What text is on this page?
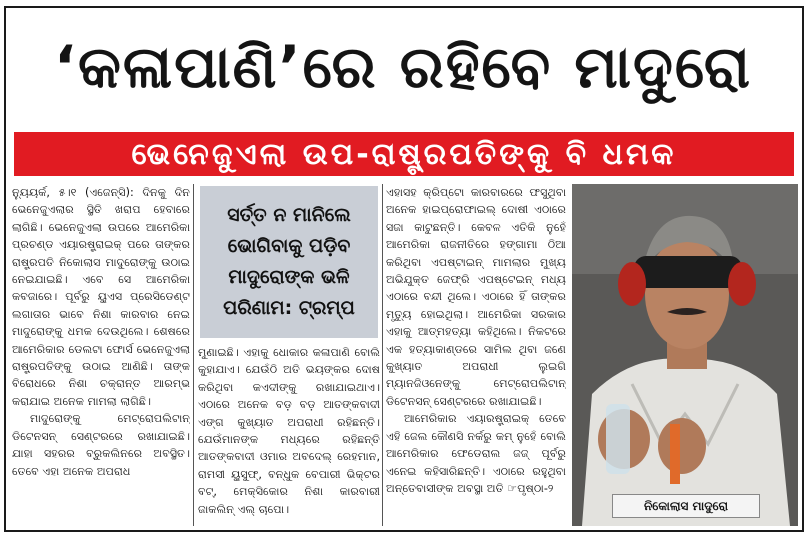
‘କଳାପାଣି’ରେ ରହିବେ ମାଦୁରୋ
ଭେନେଜୁଏଲା ଉପ-ରାଷ୍ଟ୍ରପତିଙ୍କୁ ବି ଧମକ

ନ୍ୟୁୟର୍କ, ୫।୧ (ଏଜେନ୍ସି): ଦିନକୁ ଦିନ ଭେନେଜୁଏଲାର ସ୍ଥିତି ଖରାପ ହେବାରେ ଲାଗିଛି। ଭେନେଜୁଏଲା ଉପରେ ଆମେରିକା ପ୍ରଚଣ୍ଡ ଏୟାରଷ୍ଟ୍ରାଇକ୍ ପରେ ତାଙ୍କର ରାଷ୍ଟ୍ରପତି ନିକୋଲାସ ମାଦୁରୋଙ୍କୁ ଉଠାଇ ନେଇଯାଇଛି। ଏବେ ସେ ଆମେରିକା କବଜାରେ। ପୂର୍ବରୁ ୟୁଏସ ପ୍ରେସିଡେଣ୍ଟ ଲଗାତାର ଭାବେ ନିଶା କାରବାର ନେଇ ମାଦୁରୋଙ୍କୁ ଧମକ ଦେଉଥିଲେ। ଶେଷରେ ଆମେରିକାର ଡେଲଟା ଫୋର୍ସ ଭେନେଜୁଏଲା ରାଷ୍ଟ୍ରପତିଙ୍କୁ ଉଠାଇ ଆଣିଛି। ତାଙ୍କ ବିରୋଧରେ ନିଶା ଚକ୍ରାନ୍ତ ଆରମ୍ଭ କରାଯାଇ ଅନେକ ମାମଲା ଲାଗିଛି।

ମାଦୁରୋଙ୍କୁ ମେଟ୍ରୋପଲିଟାନ୍ ଡିଟେନସନ୍ ସେଣ୍ଟରରେ ରଖାଯାଇଛି। ଯାହା ସହରର ବ୍ରୁକଲିନରେ ଅବସ୍ଥିତ। ତେବେ ଏହା ଅନେକ ଅପରାଧ

ସର୍ତ୍ତ ନ ମାନିଲେ
ଭୋଗିବାକୁ ପଡ଼ିବ
ମାଦୁରୋଙ୍କ ଭଳି
ପରିଣାମ: ଟ୍ରମ୍ପ

ମୁଣାଇଛି। ଏହାକୁ ଧୋକାର କଳାପାଣି ବୋଲି କୁହାଯାଏ। ଯେଉଁଠି ଅତି ଭୟଙ୍କର ଦୋଷ କରିଥିବା କଏଦୀଙ୍କୁ ରଖାଯାଇଥାଏ। ଏଠାରେ ଅନେକ ବଡ଼ ବଡ଼ ଆତଙ୍କବାଦୀ ଏଙ୍ଗ କୁଖ୍ୟାତ ଅପରାଧୀ ରହିଛନ୍ତି। ଯେଉଁମାନଙ୍କ ମଧ୍ୟରେ ରହିଛନ୍ତି ଆତଙ୍କବାଦୀ ଓମାର ଅବଦେଲ୍ ରେହମାନ, ରାମସୀ ୟୁସୁଫ୍, ବନ୍ଧୁକ ବେପାରୀ ଭିକ୍ଟର ବଟ୍, ମେକ୍ସିକୋର ନିଶା କାରବାରୀ ଜାକଲିନ୍ ଏଲ୍ ଚାପୋ।

ଏହାସହ କ୍ରିପ୍ଟୋ କାରବାରରେ ଫସୁଥିବା ଅନେକ ହାଇପ୍ରୋଫାଇଲ୍ ଦୋଷୀ ଏଠାରେ ସଜା କାଟୁଛନ୍ତି। କେବଳ ଏତିକି ନୁହେଁ ଆମେରିକା ରାଜନୀତିରେ ହଙ୍ଗାମା ଠିଆ କରିଥିବା ଏପଷ୍ଟାଇନ୍ ମାମଲାର ମୁଖ୍ୟ ଅଭିଯୁକ୍ତ ଜେଫ୍ରି ଏପଷ୍ଟେଇନ୍ ମଧ୍ୟ ଏଠାରେ ବନ୍ଦୀ ଥିଲେ। ଏଠାରେ ହିଁ ତାଙ୍କର ମୃତ୍ୟୁ ହୋଇଥିଲା। ଆମେରିକା ସରକାର ଏହାକୁ ଆତ୍ମହତ୍ୟା କହିଥିଲେ। ନିକଟରେ ଏକ ହତ୍ୟାକାଣ୍ଡରେ ସାମିଲ ଥିବା ଜଣେ କୁଖ୍ୟାତ ଅପରାଧୀ ଲୁଇଗି ମ୍ୟାନଜିଓନେଙ୍କୁ ମେଟ୍ରୋପଲିଟାନ୍ ଡିଟେନସନ୍ ସେଣ୍ଟରରେ ରଖାଯାଇଛି।

ଆମେରିକାର ଏୟାରଷ୍ଟ୍ରାଇକ୍ ତେବେ ଏହି ଜେଲ କୌଣସି ନର୍କରୁ କମ୍ ନୁହେଁ ବୋଲି ଆମେରିକାର ଫେଡେରାଲ ଜଜ୍ ପୂର୍ବରୁ ଏନେଇ କହିସାରିଛନ୍ତି। ଏଠାରେ ରହୁଥିବା ଅନ୍ତେବାସୀଙ୍କ ଅବସ୍ଥା ଅତି ☞ପୃଷ୍ଠା-୨

ନିକୋଲାସ ମାଦୁରୋ
